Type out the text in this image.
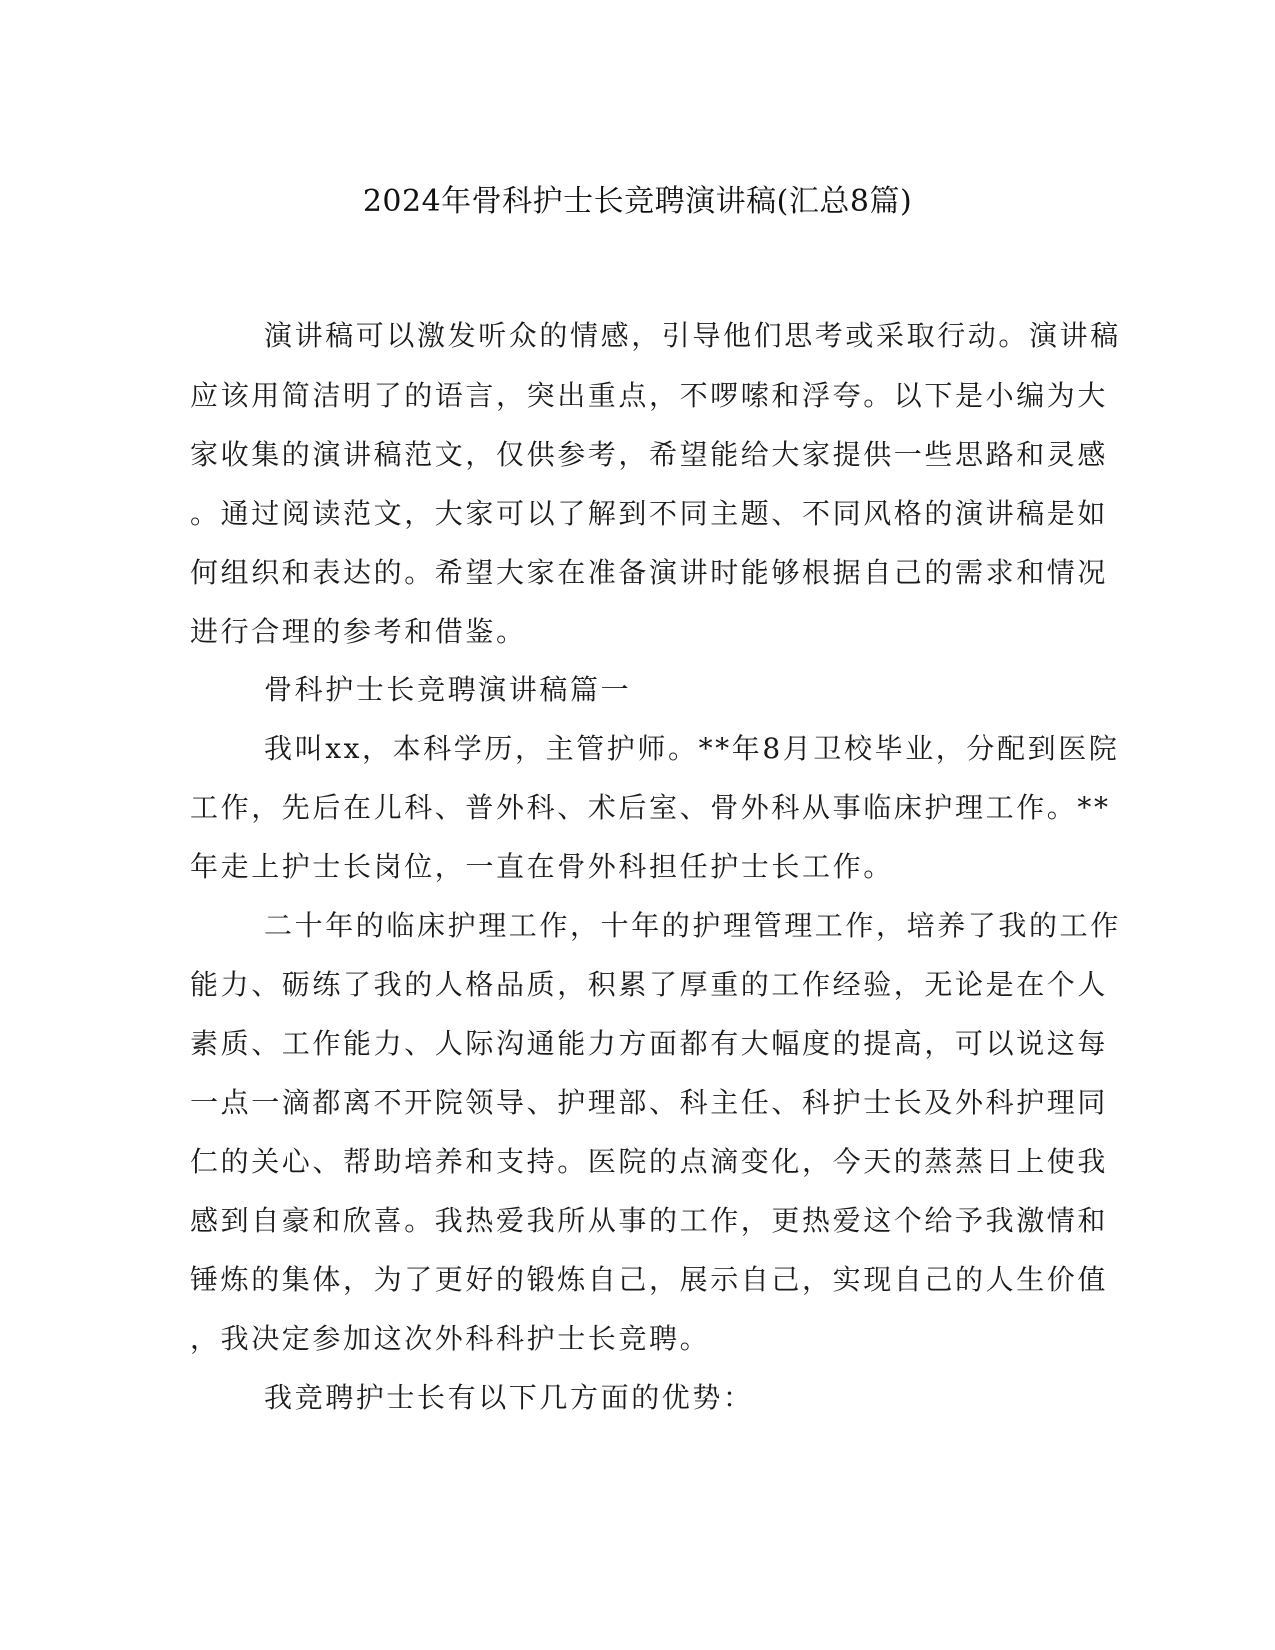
2024年骨科护士长竞聘演讲稿(汇总8篇)
演讲稿可以激发听众的情感，引导他们思考或采取行动。演讲稿
应该用简洁明了的语言，突出重点，不啰嗦和浮夸。以下是小编为大
家收集的演讲稿范文，仅供参考，希望能给大家提供一些思路和灵感
。通过阅读范文，大家可以了解到不同主题、不同风格的演讲稿是如
何组织和表达的。希望大家在准备演讲时能够根据自己的需求和情况
进行合理的参考和借鉴。
骨科护士长竞聘演讲稿篇一
我叫xx，本科学历，主管护师。**年8月卫校毕业，分配到医院
工作，先后在儿科、普外科、术后室、骨外科从事临床护理工作。**
年走上护士长岗位，一直在骨外科担任护士长工作。
二十年的临床护理工作，十年的护理管理工作，培养了我的工作
能力、砺练了我的人格品质，积累了厚重的工作经验，无论是在个人
素质、工作能力、人际沟通能力方面都有大幅度的提高，可以说这每
一点一滴都离不开院领导、护理部、科主任、科护士长及外科护理同
仁的关心、帮助培养和支持。医院的点滴变化，今天的蒸蒸日上使我
感到自豪和欣喜。我热爱我所从事的工作，更热爱这个给予我激情和
锤炼的集体，为了更好的锻炼自己，展示自己，实现自己的人生价值
，我决定参加这次外科科护士长竞聘。
我竞聘护士长有以下几方面的优势：
